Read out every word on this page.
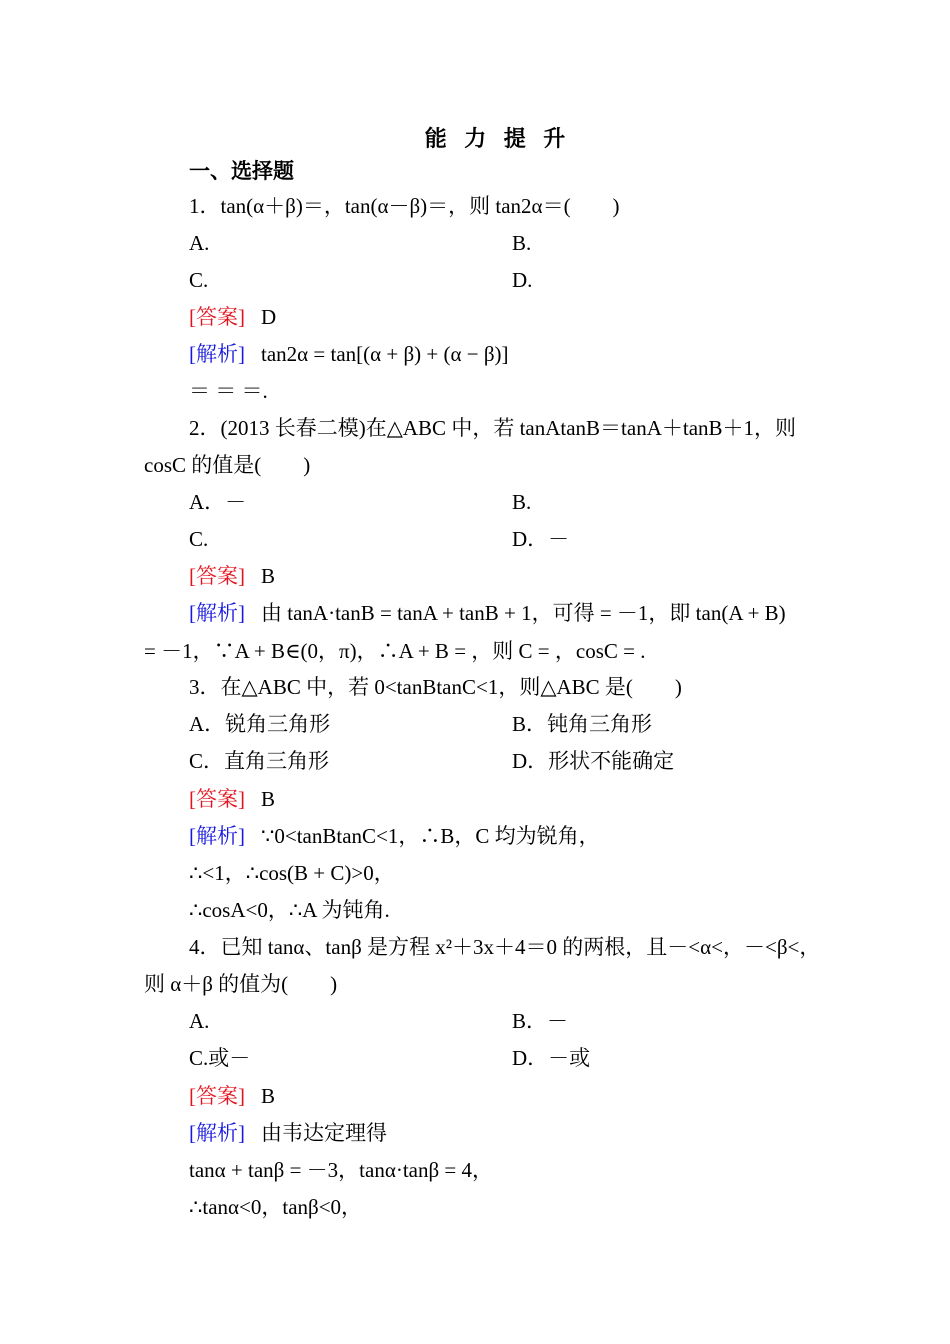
能 力 提 升
一、选择题
1．tan(α＋β)＝，tan(α－β)＝，则 tan2α＝(　　)
A.	B.
C.	D.
[答案] D
[解析] tan2α = tan[(α + β) + (α − β)]
＝ ＝ ＝.
2．(2013 长春二模)在△ABC 中，若 tanAtanB＝tanA＋tanB＋1，则
cosC 的值是(　　)
A．－	B.
C.	D．－
[答案] B
[解析] 由 tanA·tanB = tanA + tanB + 1，可得 = －1，即 tan(A + B)
= －1，∵A + B∈(0，π)，∴A + B = ，则 C = ，cosC = .
3．在△ABC 中，若 0<tanBtanC<1，则△ABC 是(　　)
A．锐角三角形	B．钝角三角形
C．直角三角形	D．形状不能确定
[答案] B
[解析] ∵0<tanBtanC<1，∴B，C 均为锐角，
∴<1，∴cos(B + C)>0，
∴cosA<0，∴A 为钝角.
4．已知 tanα、tanβ 是方程 x²＋3x＋4＝0 的两根，且－<α<，－<β<，
则 α＋β 的值为(　　)
A.	B．－
C.或－	D．－或
[答案] B
[解析] 由韦达定理得
tanα + tanβ = －3，tanα·tanβ = 4，
∴tanα<0，tanβ<0，
